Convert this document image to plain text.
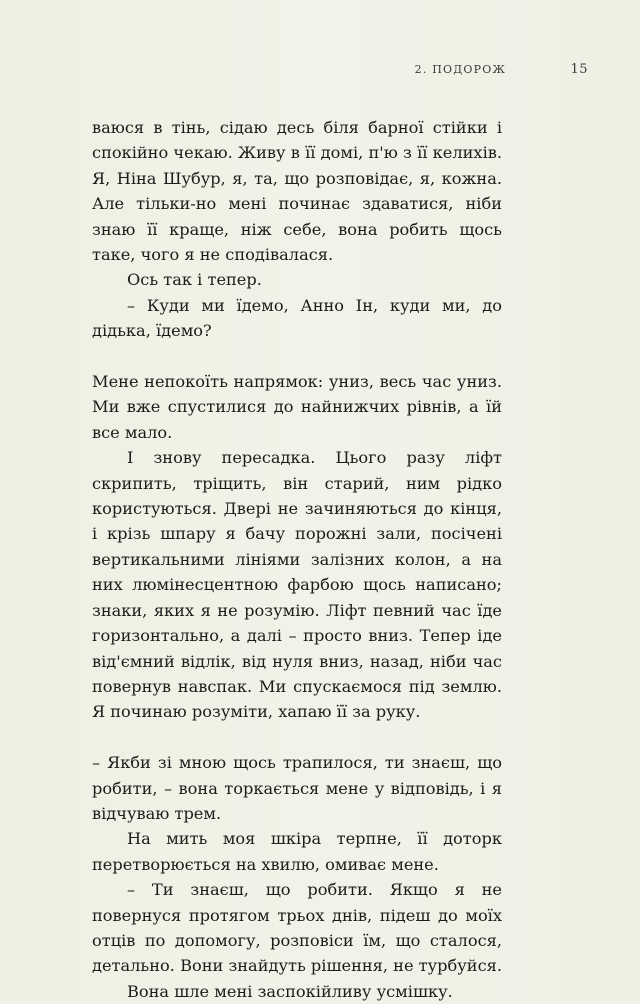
2. ПОДОРОЖ	15

ваюся в тінь, сідаю десь біля барної стійки і спокійно чекаю. Живу в її домі, п'ю з її келихів. Я, Ніна Шубур, я, та, що розповідає, я, кожна. Але тільки-но мені починає здаватися, ніби знаю її краще, ніж себе, вона робить щось таке, чого я не сподівалася.

Ось так і тепер.

– Куди ми їдемо, Анно Ін, куди ми, до дідька, їдемо?

Мене непокоїть напрямок: униз, весь час униз. Ми вже спустилися до найнижчих рівнів, а їй все мало.

І знову пересадка. Цього разу ліфт скрипить, тріщить, він старий, ним рідко користуються. Двері не зачиняються до кінця, і крізь шпару я бачу порожні зали, посічені вертикальними лініями залізних колон, а на них люмінесцентною фарбою щось написано; знаки, яких я не розумію. Ліфт певний час їде горизонтально, а далі – просто вниз. Тепер іде від'ємний відлік, від нуля вниз, назад, ніби час повернув навспак. Ми спускаємося під землю. Я починаю розуміти, хапаю її за руку.

– Якби зі мною щось трапилося, ти знаєш, що робити, – вона торкається мене у відповідь, і я відчуваю трем.

На мить моя шкіра терпне, її доторк перетворюється на хвилю, омиває мене.

– Ти знаєш, що робити. Якщо я не повернуся протягом трьох днів, підеш до моїх отців по допомогу, розповіси їм, що сталося, детально. Вони знайдуть рішення, не турбуйся.

Вона шле мені заспокійливу усмішку.
